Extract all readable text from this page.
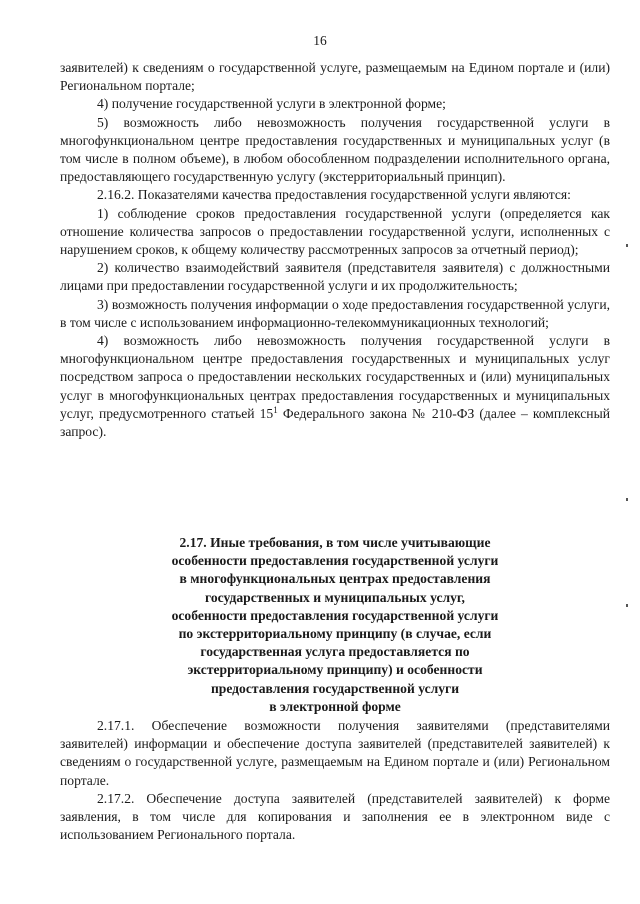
16

заявителей) к сведениям о государственной услуге, размещаемым на Едином портале и (или) Региональном портале;

4) получение государственной услуги в электронной форме;

5) возможность либо невозможность получения государственной услуги в многофункциональном центре предоставления государственных и муниципальных услуг (в том числе в полном объеме), в любом обособленном подразделении исполнительного органа, предоставляющего государственную услугу (экстерриториальный принцип).

2.16.2. Показателями качества предоставления государственной услуги являются:

1) соблюдение сроков предоставления государственной услуги (определяется как отношение количества запросов о предоставлении государственной услуги, исполненных с нарушением сроков, к общему количеству рассмотренных запросов за отчетный период);

2) количество взаимодействий заявителя (представителя заявителя) с должностными лицами при предоставлении государственной услуги и их продолжительность;

3) возможность получения информации о ходе предоставления государственной услуги, в том числе с использованием информационно-телекоммуникационных технологий;

4) возможность либо невозможность получения государственной услуги в многофункциональном центре предоставления государственных и муниципальных услуг посредством запроса о предоставлении нескольких государственных и (или) муниципальных услуг в многофункциональных центрах предоставления государственных и муниципальных услуг, предусмотренного статьей $15^1$ Федерального закона № 210-ФЗ (далее – комплексный запрос).

2.17. Иные требования, в том числе учитывающие
особенности предоставления государственной услуги
в многофункциональных центрах предоставления
государственных и муниципальных услуг,
особенности предоставления государственной услуги
по экстерриториальному принципу (в случае, если
государственная услуга предоставляется по
экстерриториальному принципу) и особенности
предоставления государственной услуги
в электронной форме

2.17.1. Обеспечение возможности получения заявителями (представителями заявителей) информации и обеспечение доступа заявителей (представителей заявителей) к сведениям о государственной услуге, размещаемым на Едином портале и (или) Региональном портале.

2.17.2. Обеспечение доступа заявителей (представителей заявителей) к форме заявления, в том числе для копирования и заполнения ее в электронном виде с использованием Регионального портала.
